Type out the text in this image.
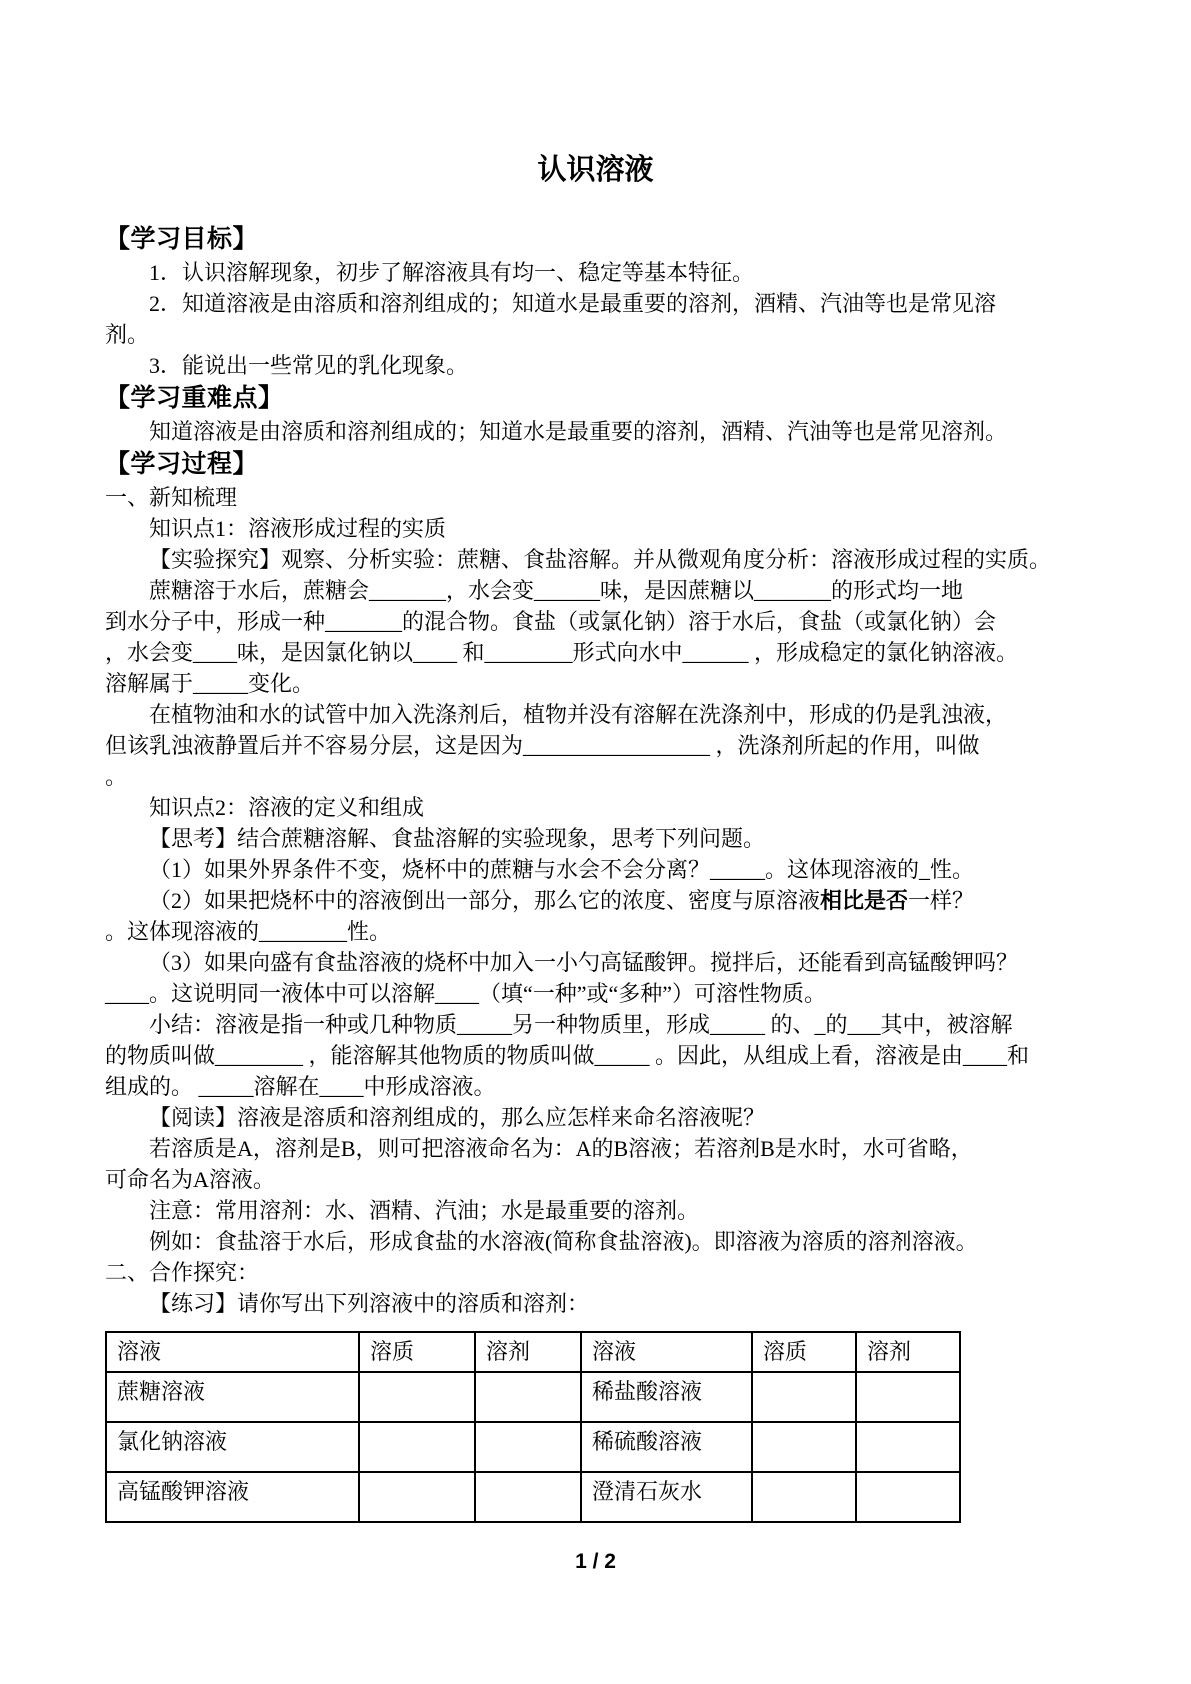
认识溶液

【学习目标】

1．认识溶解现象，初步了解溶液具有均一、稳定等基本特征。

2．知道溶液是由溶质和溶剂组成的；知道水是最重要的溶剂，酒精、汽油等也是常见溶

剂。

3．能说出一些常见的乳化现象。

【学习重难点】

知道溶液是由溶质和溶剂组成的；知道水是最重要的溶剂，酒精、汽油等也是常见溶剂。

【学习过程】

一、新知梳理

知识点1：溶液形成过程的实质

【实验探究】观察、分析实验：蔗糖、食盐溶解。并从微观角度分析：溶液形成过程的实质。

蔗糖溶于水后，蔗糖会_______，水会变______味，是因蔗糖以_______的形式均一地

到水分子中，形成一种_______的混合物。食盐（或氯化钠）溶于水后，食盐（或氯化钠）会

，水会变____味，是因氯化钠以____ 和________形式向水中______ ，形成稳定的氯化钠溶液。

溶解属于_____变化。

在植物油和水的试管中加入洗涤剂后，植物并没有溶解在洗涤剂中，形成的仍是乳浊液，

但该乳浊液静置后并不容易分层，这是因为_________________ ，洗涤剂所起的作用，叫做

。

知识点2：溶液的定义和组成

【思考】结合蔗糖溶解、食盐溶解的实验现象，思考下列问题。

（1）如果外界条件不变，烧杯中的蔗糖与水会不会分离？_____。这体现溶液的_性。

（2）如果把烧杯中的溶液倒出一部分，那么它的浓度、密度与原溶液相比是否一样？

。这体现溶液的________性。

（3）如果向盛有食盐溶液的烧杯中加入一小勺高锰酸钾。搅拌后，还能看到高锰酸钾吗？

____。这说明同一液体中可以溶解____（填“一种”或“多种”）可溶性物质。

小结：溶液是指一种或几种物质_____另一种物质里，形成_____ 的、_的___其中，被溶解

的物质叫做________ ，能溶解其他物质的物质叫做_____ 。因此，从组成上看，溶液是由____和

组成的。 _____溶解在____中形成溶液。

【阅读】溶液是溶质和溶剂组成的，那么应怎样来命名溶液呢？

若溶质是A，溶剂是B，则可把溶液命名为：A的B溶液；若溶剂B是水时，水可省略，

可命名为A溶液。

注意：常用溶剂：水、酒精、汽油；水是最重要的溶剂。

例如：食盐溶于水后，形成食盐的水溶液(简称食盐溶液)。即溶液为溶质的溶剂溶液。

二、合作探究：

【练习】请你写出下列溶液中的溶质和溶剂：

溶液	溶质	溶剂	溶液	溶质	溶剂
蔗糖溶液			稀盐酸溶液		
氯化钠溶液			稀硫酸溶液		
高锰酸钾溶液			澄清石灰水		
1 / 2
